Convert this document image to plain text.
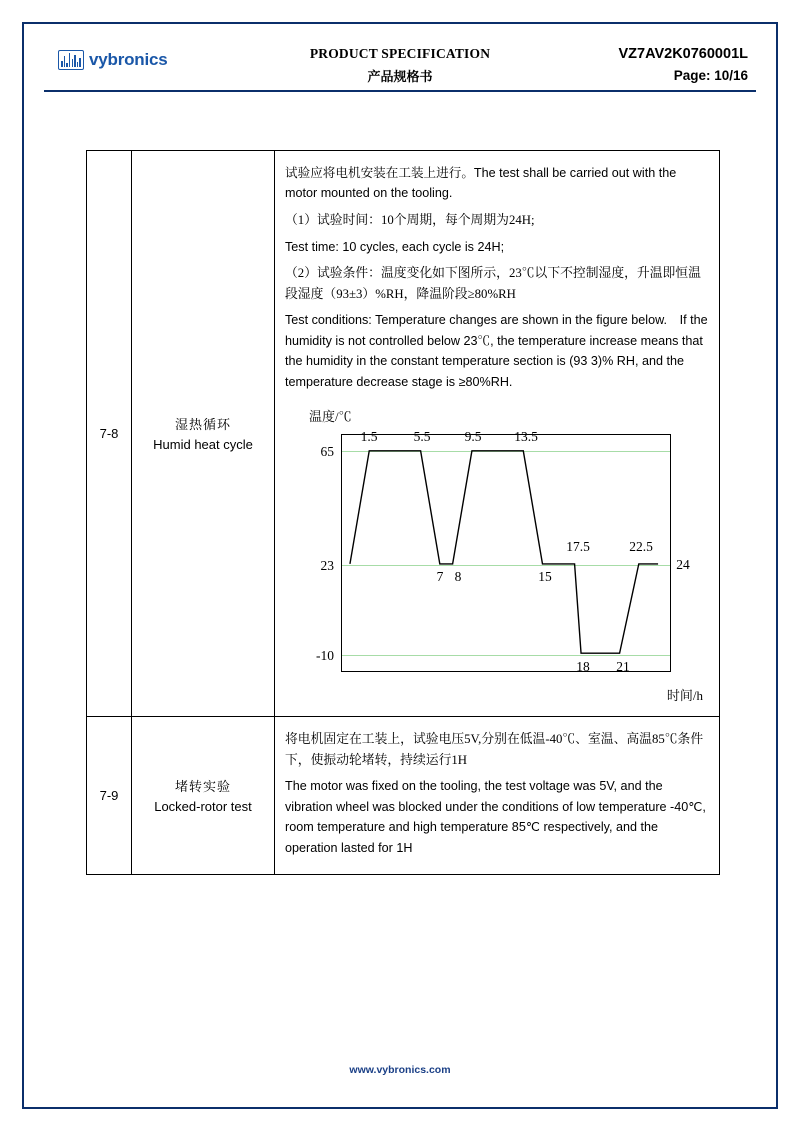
vybronics	PRODUCT SPECIFICATION
产品规格书
VZ7AV2K0760001L
Page: 10/16
7-8

湿热循环
Humid heat cycle

试验应将电机安装在工装上进行。The test shall be carried out with the motor mounted on the tooling.

（1）试验时间：10个周期，每个周期为24H;

Test time: 10 cycles, each cycle is 24H;

（2）试验条件：温度变化如下图所示，23℃以下不控制湿度，升温即恒温段湿度（93±3）%RH，降温阶段≥80%RH

Test conditions: Temperature changes are shown in the figure below.　If the humidity is not controlled below 23℃, the temperature increase means that the humidity in the constant temperature section is (93 3)% RH, and the temperature decrease stage is ≥80%RH.

温度/℃
时间/h
65
23
-10
1.5	5.5	9.5 13.5
7 8	15
17.5	22.5
18 21
24

7-9

堵转实验
Locked-rotor test

将电机固定在工装上，试验电压5V,分别在低温-40℃、室温、高温85℃条件下，使振动轮堵转，持续运行1H

The motor was fixed on the tooling, the test voltage was 5V, and the vibration wheel was blocked under the conditions of low temperature -40℃, room temperature and high temperature 85℃ respectively, and the operation lasted for 1H

www.vybronics.com
